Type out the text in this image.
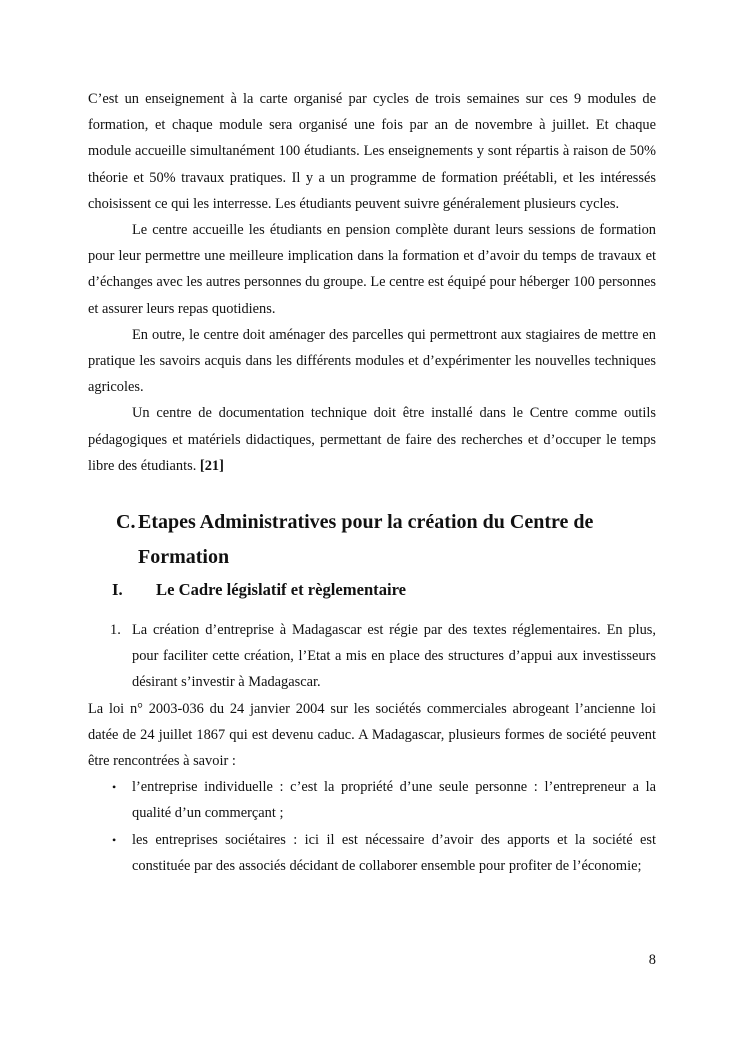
C’est un enseignement à la carte organisé par cycles de trois semaines sur ces 9 modules de formation, et chaque module sera organisé une fois par an de novembre à juillet. Et chaque module accueille simultanément 100 étudiants. Les enseignements y sont répartis à raison de 50% théorie et 50% travaux pratiques. Il y a un programme de formation préétabli, et les intéressés choisissent ce qui les interresse. Les étudiants peuvent suivre généralement plusieurs cycles.

Le centre accueille les étudiants en pension complète durant leurs sessions de formation pour leur permettre une meilleure implication dans la formation et d’avoir du temps de travaux et d’échanges avec les autres personnes du groupe. Le centre est équipé pour héberger 100 personnes et assurer leurs repas quotidiens.

En outre, le centre doit aménager des parcelles qui permettront aux stagiaires de mettre en pratique les savoirs acquis dans les différents modules et d’expérimenter les nouvelles techniques agricoles.

Un centre de documentation technique doit être installé dans le Centre comme outils pédagogiques et matériels didactiques, permettant de faire des recherches et d’occuper le temps libre des étudiants. [21]

C. Etapes Administratives pour la création du Centre de Formation
I.	Le Cadre législatif et règlementaire
1. La création d’entreprise à Madagascar est régie par des textes réglementaires. En plus, pour faciliter cette création, l’Etat a mis en place des structures d’appui aux investisseurs désirant s’investir à Madagascar.

La loi n° 2003-036 du 24 janvier 2004 sur les sociétés commerciales abrogeant l’ancienne loi datée de 24 juillet 1867 qui est devenu caduc. A Madagascar, plusieurs formes de société peuvent être rencontrées à savoir :

•	l’entreprise individuelle : c’est la propriété d’une seule personne : l’entrepreneur a la qualité d’un commerçant ;
•	les entreprises sociétaires : ici il est nécessaire d’avoir des apports et la société est constituée par des associés décidant de collaborer ensemble pour profiter de l’économie;
8
